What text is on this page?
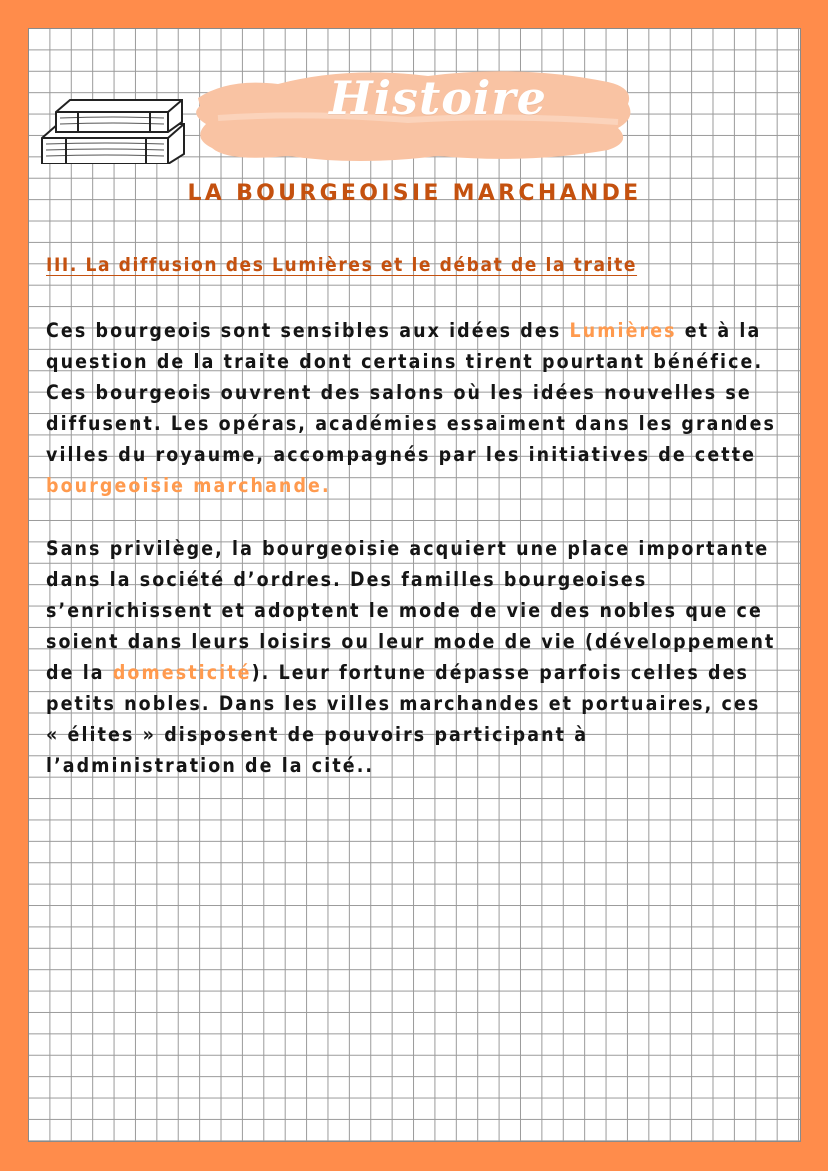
Histoire
LA BOURGEOISIE MARCHANDE
III. La diffusion des Lumières et le débat de la traite

Ces bourgeois sont sensibles aux idées des Lumières et à la
question de la traite dont certains tirent pourtant bénéfice.
Ces bourgeois ouvrent des salons où les idées nouvelles se
diffusent. Les opéras, académies essaiment dans les grandes
villes du royaume, accompagnés par les initiatives de cette
bourgeoisie marchande.

Sans privilège, la bourgeoisie acquiert une place importante
dans la société d’ordres. Des familles bourgeoises
s’enrichissent et adoptent le mode de vie des nobles que ce
soient dans leurs loisirs ou leur mode de vie (développement
de la domesticité). Leur fortune dépasse parfois celles des
petits nobles. Dans les villes marchandes et portuaires, ces
« élites » disposent de pouvoirs participant à
l’administration de la cité..
